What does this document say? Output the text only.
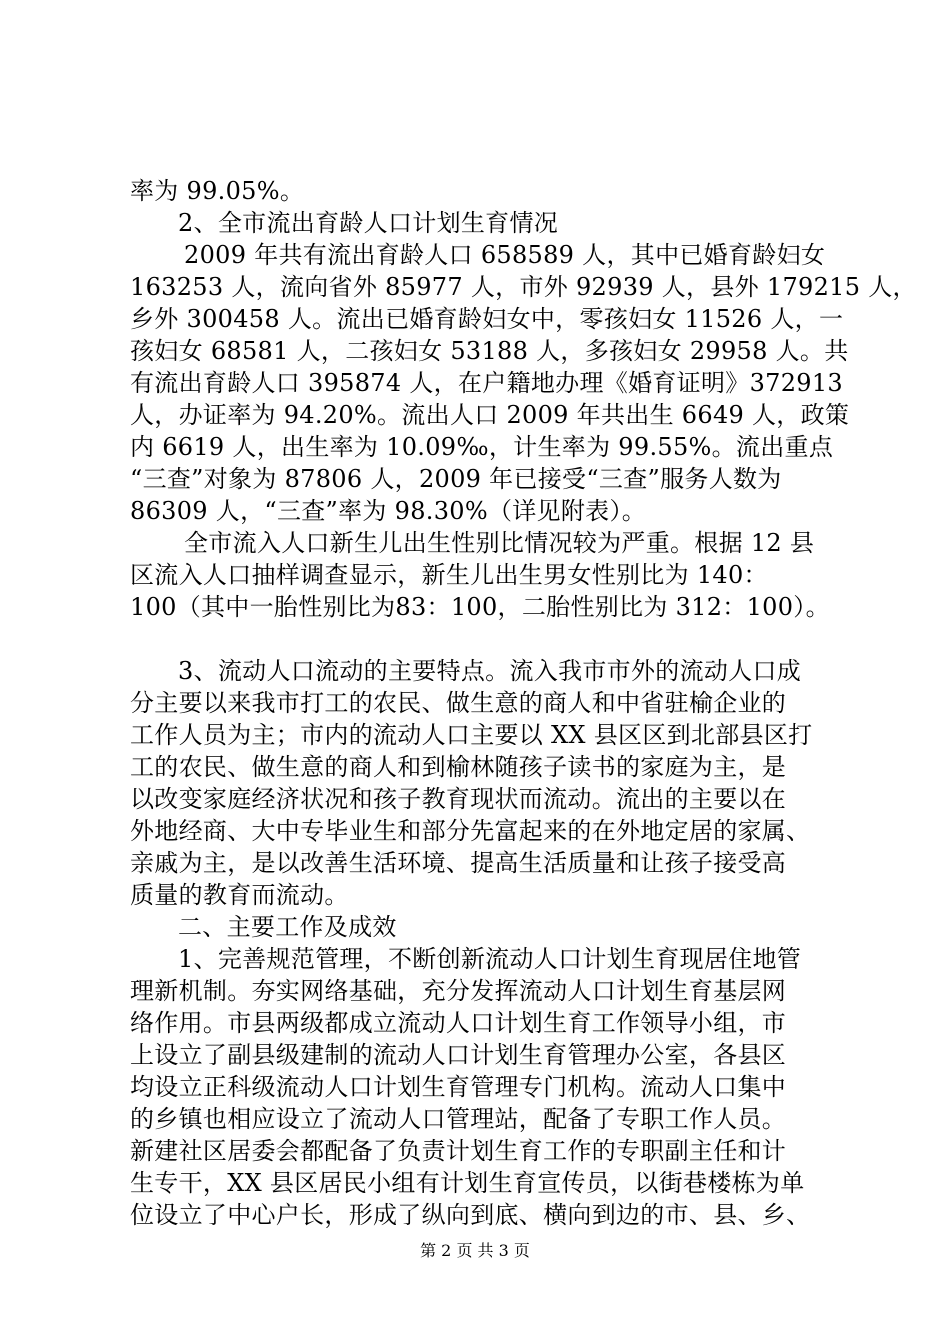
率为 99.05%。
2、全市流出育龄人口计划生育情况
2009 年共有流出育龄人口 658589 人，其中已婚育龄妇女
163253 人，流向省外 85977 人，市外 92939 人，县外 179215 人，
乡外 300458 人。流出已婚育龄妇女中，零孩妇女 11526 人，一
孩妇女 68581 人，二孩妇女 53188 人，多孩妇女 29958 人。共
有流出育龄人口 395874 人，在户籍地办理《婚育证明》372913
人，办证率为 94.20%。流出人口 2009 年共出生 6649 人，政策
内 6619 人，出生率为 10.09‰，计生率为 99.55%。流出重点
“三查”对象为 87806 人，2009 年已接受“三查”服务人数为
86309 人，“三查”率为 98.30%（详见附表）。
全市流入人口新生儿出生性别比情况较为严重。根据 12 县
区流入人口抽样调查显示，新生儿出生男女性别比为 140：
100（其中一胎性别比为83：100，二胎性别比为 312：100）。
3、流动人口流动的主要特点。流入我市市外的流动人口成
分主要以来我市打工的农民、做生意的商人和中省驻榆企业的
工作人员为主；市内的流动人口主要以 XX 县区区到北部县区打
工的农民、做生意的商人和到榆林随孩子读书的家庭为主，是
以改变家庭经济状况和孩子教育现状而流动。流出的主要以在
外地经商、大中专毕业生和部分先富起来的在外地定居的家属、
亲戚为主，是以改善生活环境、提高生活质量和让孩子接受高
质量的教育而流动。
二、主要工作及成效
1、完善规范管理，不断创新流动人口计划生育现居住地管
理新机制。夯实网络基础，充分发挥流动人口计划生育基层网
络作用。市县两级都成立流动人口计划生育工作领导小组，市
上设立了副县级建制的流动人口计划生育管理办公室，各县区
均设立正科级流动人口计划生育管理专门机构。流动人口集中
的乡镇也相应设立了流动人口管理站，配备了专职工作人员。
新建社区居委会都配备了负责计划生育工作的专职副主任和计
生专干，XX 县区居民小组有计划生育宣传员，以街巷楼栋为单
位设立了中心户长，形成了纵向到底、横向到边的市、县、乡、
第 2 页 共 3 页
